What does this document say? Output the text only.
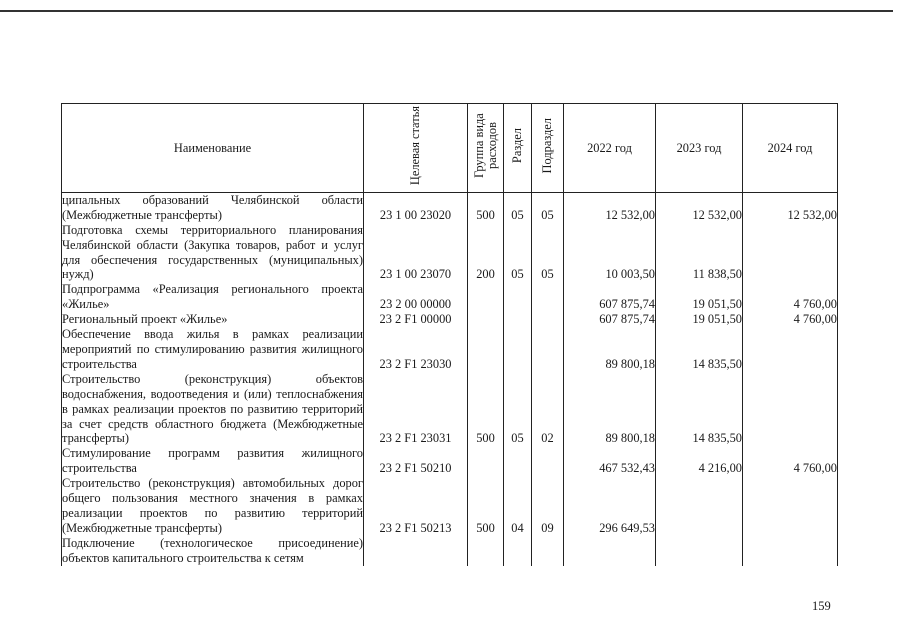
Наименование	Целевая статья	Группа вида расходов	Раздел	Подраздел	2022 год	2023 год	2024 год
ципальных образований Челябинской области (Межбюджетные трансферты)	23 1 00 23020	500	05	05	12 532,00	12 532,00	12 532,00
Подготовка схемы территориального планирования Челябинской области (Закупка товаров, работ и услуг для обеспечения государственных (муниципальных) нужд)	23 1 00 23070	200	05	05	10 003,50	11 838,50	
Подпрограмма «Реализация регионального проекта «Жилье»	23 2 00 00000				607 875,74	19 051,50	4 760,00
Региональный проект «Жилье»	23 2 F1 00000				607 875,74	19 051,50	4 760,00
Обеспечение ввода жилья в рамках реализации мероприятий по стимулированию развития жилищного строительства	23 2 F1 23030				89 800,18	14 835,50	
Строительство (реконструкция) объектов водоснабжения, водоотведения и (или) теплоснабжения в рамках реализации проектов по развитию территорий за счет средств областного бюджета (Межбюджетные трансферты)	23 2 F1 23031	500	05	02	89 800,18	14 835,50	
Стимулирование программ развития жилищного строительства	23 2 F1 50210				467 532,43	4 216,00	4 760,00
Строительство (реконструкция) автомобильных дорог общего пользования местного значения в рамках реализации проектов по развитию территорий (Межбюджетные трансферты)	23 2 F1 50213	500	04	09	296 649,53		
Подключение (технологическое присоединение) объектов капитального строительства к сетям							
159
